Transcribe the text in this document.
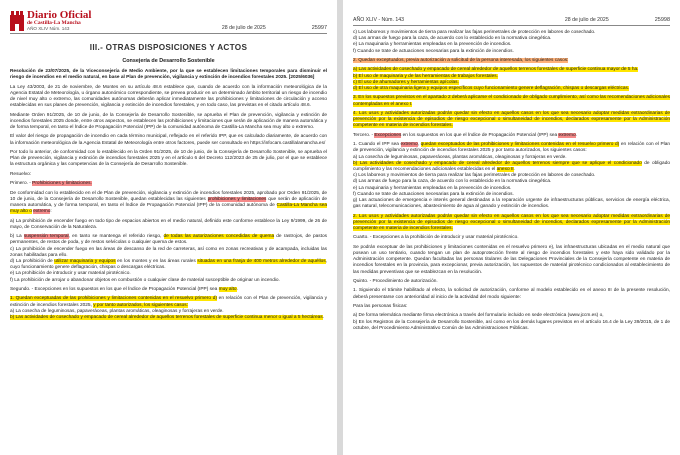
Diario Oficial
de Castilla-La Mancha
AÑO XLIV Núm. 143	28 de julio de 2025	25997
III.- OTRAS DISPOSICIONES Y ACTOS
Consejería de Desarrollo Sostenible

Resolución de 23/07/2025, de la Viceconsejería de Medio Ambiente, por la que se establecen limitaciones temporales para disminuir el riesgo de incendios en el medio natural, en base al Plan de prevención, vigilancia y extinción de incendios forestales 2025. [2025/6036]

La Ley 43/2003, de 21 de noviembre, de Montes en su artículo 48.6 establece que, cuando de acuerdo con la información meteorológica de la Agencia Estatal de Meteorología, u órgano autonómico correspondiente, se prevea producir en un determinado ámbito territorial un riesgo de incendio de nivel muy alto o extremo, las comunidades autónomas deberán aplicar inmediatamente las prohibiciones y limitaciones de circulación y acceso establecidas en sus planes de prevención, vigilancia y extinción de incendios forestales, y en todo caso, las previstas en el citado artículo 48.6.

Mediante Orden 91/2025, de 10 de junio, de la Consejería de Desarrollo Sostenible, se aprueba el Plan de prevención, vigilancia y extinción de incendios forestales 2025 donde, entre otros aspectos, se establecen las prohibiciones y limitaciones que serán de aplicación de manera automática y de forma temporal, en tanto el Índice de Propagación Potencial (IPP) de la comunidad autónoma de Castilla-La Mancha sea muy alto o extremo.

El valor del riesgo de propagación de incendio en cada término municipal, reflejado en el referido IPP, que es calculado diariamente, de acuerdo con la información meteorológica de la Agencia Estatal de Meteorología entre otros factores, puede ser consultado en https://infocam.castillalamancha.es/

Por todo lo anterior, de conformidad con lo establecido en la Orden 91/2025, de 10 de junio, de la Consejería de Desarrollo Sostenible, se aprueba el Plan de prevención, vigilancia y extinción de incendios forestales 2025 y en el artículo 6 del Decreto 112/2023 de 25 de julio, por el que se establece la estructura orgánica y las competencias de la Consejería de Desarrollo Sostenible.

Resuelvo:

Primero. - Prohibiciones y limitaciones.

De conformidad con lo establecido en el de Plan de prevención, vigilancia y extinción de incendios forestales 2025, aprobado por Orden 91/2025, de 10 de junio, de la Consejería de Desarrollo Sostenible, quedan establecidas las siguientes prohibiciones y limitaciones que serán de aplicación de manera automática, y de forma temporal, en tanto el Índice de Propagación Potencial (IPP) de la comunidad autónoma de Castilla-La Mancha sea muy alto o extremo:

a) La prohibición de encender fuego en todo tipo de espacios abiertos en el medio natural, definido este conforme establece la Ley 9/1999, de 26 de mayo, de Conservación de la Naturaleza.

b) La suspensión temporal, en tanto se mantenga el referido riesgo, de todas las autorizaciones concedidas de quema de rastrojos, de pastos permanentes, de restos de poda, y de restos selvícolas o cualquier quema de estos.
c) La prohibición de encender fuego en las áreas de descanso de la red de carreteras, así como en zonas recreativas y de acampada, incluidas las zonas habilitadas para ello.
d) La prohibición de utilizar maquinaria y equipos en los montes y en las áreas rurales situadas en una franja de 400 metros alrededor de aquéllos, cuyo funcionamiento genere deflagración, chispas o descargas eléctricas.
e) La prohibición de introducir y usar material pirotécnico.
f) La prohibición de arrojar o abandonar objetos en combustión o cualquier clase de material susceptible de originar un incendio.

Segundo. - Excepciones en los supuestos en los que el Índice de Propagación Potencial (IPP) sea muy alto.

1. Quedan exceptuadas de las prohibiciones y limitaciones contenidas en el resuelvo primero d) en relación con el Plan de prevención, vigilancia y extinción de incendios forestales 2025, y por tanto autorizados, los siguientes casos:
a) La cosecha de leguminosas, papaveráceas, plantas aromáticas, oleaginosas y forrajeras en verde.
b) Las actividades de cosechado y empacado de cereal alrededor de aquellos terrenos forestales de superficie continua menor o igual a 5 hectáreas.
AÑO XLIV - Núm. 143	28 de julio de 2025	25998
c) Los laboreos y movimientos de tierra para realizar las fajas perimetrales de protección en labores de cosechado.
d) Las armas de fuego para la caza, de acuerdo con lo establecido en la normativa cinegética.
e) La maquinaria y herramientas empleadas en la prevención de incendios.
f) Cuando se trate de actuaciones necesarias para la extinción de incendios.

2. Quedan exceptuados, previa autorización a solicitud de la persona interesada, los siguientes casos:

a) Las actividades de cosechado y empacado de cereal alrededor de aquellos terrenos forestales de superficie continua mayor de 5 ha.
b) El uso de maquinaria y de las herramientas de trabajos forestales.
c) El uso de ahumadores y herramientas apícolas.
d) El uso de otra maquinaria ligera y equipos específicos cuyo funcionamiento genere deflagración, chispas o descargas eléctricas.

3. En los supuestos previstos en el apartado 2 deberá aplicarse el condicionado de obligado cumplimiento, así como las recomendaciones adicionales contempladas en el anexo I.

4. Los usos y actividades autorizadas podrán quedar sin efecto en aquellos casos en los que sea necesario adoptar medidas extraordinarias de prevención por la existencia de episodios de riesgo excepcional o simultaneidad de incendios, declarados expresamente por la Administración competente en materia de incendios forestales.

Tercero. - Excepciones en los supuestos en los que el Índice de Propagación Potencial (IPP) sea extremo.

1. Cuando el IPP sea extremo, quedan exceptuados de las prohibiciones y limitaciones contenidas en el resuelvo primero d) en relación con el Plan de prevención, vigilancia y extinción de incendios forestales 2025 y por tanto autorizados, los siguientes casos:
a) La cosecha de leguminosas, papaveráceas, plantas aromáticas, oleaginosas y forrajeras en verde.
b) Las actividades de cosechado y empacado de cereal alrededor de aquellos terrenos siempre que se aplique el condicionado de obligado cumplimiento y las recomendaciones adicionales establecidas en el anexo II.
c) Los laboreos y movimientos de tierra para realizar las fajas perimetrales de protección en labores de cosechado.
d) Las armas de fuego para la caza, de acuerdo con lo establecido en la normativa cinegética.
e) La maquinaria y herramientas empleadas en la prevención de incendios.
f) Cuando se trate de actuaciones necesarias para la extinción de incendios.
g) Las actuaciones de emergencia e interés general destinadas a la reparación urgente de infraestructuras públicas, servicios de energía eléctrica, gas natural, telecomunicaciones, abastecimiento de agua al ganado y extinción de incendios.

2. Los usos y actividades autorizadas podrán quedar sin efecto en aquellos casos en los que sea necesario adoptar medidas extraordinarias de prevención por la existencia de episodios de riesgo excepcional o simultaneidad de incendios, declarados expresamente por la Administración competente en materia de incendios forestales.

Cuarto. - Excepciones a la prohibición de introducir y usar material pirotécnico.

Se podrán exceptuar de las prohibiciones y limitaciones contenidas en el resuelvo primero e), las infraestructuras ubicadas en el medio natural que posean un uso tentiario, cuando tengan un plan de autoprotección frente al riesgo de incendios forestales y este haya sido validado por la Administración competente. Quedan facultadas las personas titulares de las Delegaciones Provinciales de la Consejería competente en materia de incendios forestales en la provincia, para excepcionar, previa autorización, los supuestos de material pirotécnico condicionados al establecimiento de las medidas preventivas que se establezcan en la resolución.

Quinto. - Procedimiento de autorización.

1. Siguiendo el trámite habilitado al efecto, la solicitud de autorización, conforme al modelo establecido en el anexo III de la presente resolución, deberá presentarse con anterioridad al inicio de la actividad del modo siguiente:

Para las personas físicas:

a) De forma telemática mediante firma electrónica a través del formulario incluido en sede electrónica (www.jccm.es) o,
b) En los Registros de la Consejería de Desarrollo Sostenible, así como en los demás lugares previstos en el artículo 16.4 de la Ley 39/2015, de 1 de octubre, del Procedimiento Administrativo Común de las Administraciones Públicas.
